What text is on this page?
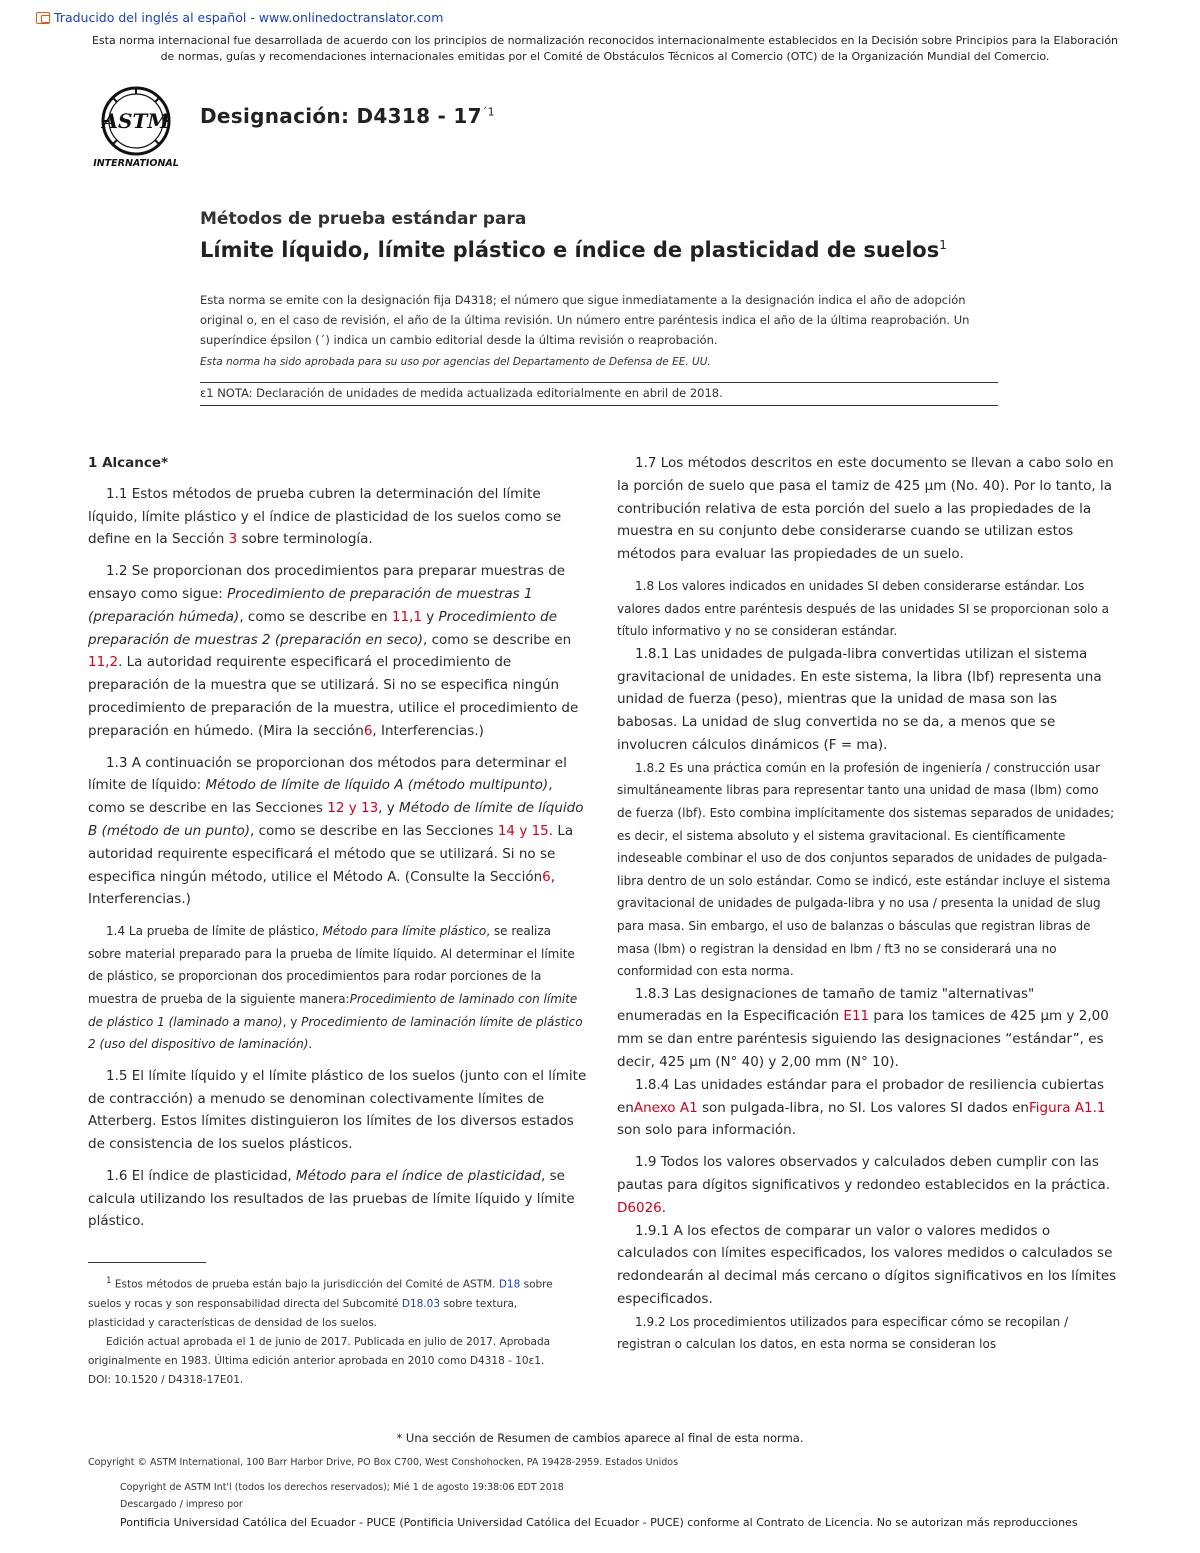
Traducido del inglés al español - www.onlinedoctranslator.com
Esta norma internacional fue desarrollada de acuerdo con los principios de normalización reconocidos internacionalmente establecidos en la Decisión sobre Principios para la Elaboración de normas, guías y recomendaciones internacionales emitidas por el Comité de Obstáculos Técnicos al Comercio (OTC) de la Organización Mundial del Comercio.
ASTM
INTERNATIONAL
Designación: $D4318 - 17^{´1}$
Métodos de prueba estándar para
Límite líquido, límite plástico e índice de plasticidad de suelos$^1$
Esta norma se emite con la designación fija D4318; el número que sigue inmediatamente a la designación indica el año de adopción original o, en el caso de revisión, el año de la última revisión. Un número entre paréntesis indica el año de la última reaprobación. Un superíndice épsilon (´) indica un cambio editorial desde la última revisión o reaprobación.
Esta norma ha sido aprobada para su uso por agencias del Departamento de Defensa de EE. UU.
ε1 NOTA: Declaración de unidades de medida actualizada editorialmente en abril de 2018.
1 Alcance*

1.1 Estos métodos de prueba cubren la determinación del límite líquido, límite plástico y el índice de plasticidad de los suelos como se define en la Sección 3 sobre terminología.

1.2 Se proporcionan dos procedimientos para preparar muestras de ensayo como sigue: Procedimiento de preparación de muestras 1 (preparación húmeda), como se describe en 11,1 y Procedimiento de preparación de muestras 2 (preparación en seco), como se describe en 11,2. La autoridad requirente especificará el procedimiento de preparación de la muestra que se utilizará. Si no se especifica ningún procedimiento de preparación de la muestra, utilice el procedimiento de preparación en húmedo. (Mira la sección6, Interferencias.)

1.3 A continuación se proporcionan dos métodos para determinar el límite de líquido: Método de límite de líquido A (método multipunto), como se describe en las Secciones 12 y 13, y Método de límite de líquido B (método de un punto), como se describe en las Secciones 14 y 15. La autoridad requirente especificará el método que se utilizará. Si no se especifica ningún método, utilice el Método A. (Consulte la Sección6, Interferencias.)

1.4 La prueba de límite de plástico, Método para límite plástico, se realiza sobre material preparado para la prueba de límite líquido. Al determinar el límite de plástico, se proporcionan dos procedimientos para rodar porciones de la muestra de prueba de la siguiente manera:Procedimiento de laminado con límite de plástico 1 (laminado a mano), y Procedimiento de laminación límite de plástico 2 (uso del dispositivo de laminación).

1.5 El límite líquido y el límite plástico de los suelos (junto con el límite de contracción) a menudo se denominan colectivamente límites de Atterberg. Estos límites distinguieron los límites de los diversos estados de consistencia de los suelos plásticos.

1.6 El índice de plasticidad, Método para el índice de plasticidad, se calcula utilizando los resultados de las pruebas de límite líquido y límite plástico.

1.7 Los métodos descritos en este documento se llevan a cabo solo en la porción de suelo que pasa el tamiz de 425 µm (No. 40). Por lo tanto, la contribución relativa de esta porción del suelo a las propiedades de la muestra en su conjunto debe considerarse cuando se utilizan estos métodos para evaluar las propiedades de un suelo.

1.8 Los valores indicados en unidades SI deben considerarse estándar. Los valores dados entre paréntesis después de las unidades SI se proporcionan solo a título informativo y no se consideran estándar.

1.8.1 Las unidades de pulgada-libra convertidas utilizan el sistema gravitacional de unidades. En este sistema, la libra (lbf) representa una unidad de fuerza (peso), mientras que la unidad de masa son las babosas. La unidad de slug convertida no se da, a menos que se involucren cálculos dinámicos (F = ma).

1.8.2 Es una práctica común en la profesión de ingeniería / construcción usar simultáneamente libras para representar tanto una unidad de masa (lbm) como de fuerza (lbf). Esto combina implícitamente dos sistemas separados de unidades; es decir, el sistema absoluto y el sistema gravitacional. Es científicamente indeseable combinar el uso de dos conjuntos separados de unidades de pulgada-libra dentro de un solo estándar. Como se indicó, este estándar incluye el sistema gravitacional de unidades de pulgada-libra y no usa / presenta la unidad de slug para masa. Sin embargo, el uso de balanzas o básculas que registran libras de masa (lbm) o registran la densidad en lbm / ft3 no se considerará una no conformidad con esta norma.

1.8.3 Las designaciones de tamaño de tamiz "alternativas" enumeradas en la Especificación E11 para los tamices de 425 µm y 2,00 mm se dan entre paréntesis siguiendo las designaciones “estándar”, es decir, 425 µm (N° 40) y 2,00 mm (N° 10).

1.8.4 Las unidades estándar para el probador de resiliencia cubiertas enAnexo A1 son pulgada-libra, no SI. Los valores SI dados enFigura A1.1 son solo para información.

1.9 Todos los valores observados y calculados deben cumplir con las pautas para dígitos significativos y redondeo establecidos en la práctica. D6026.

1.9.1 A los efectos de comparar un valor o valores medidos o calculados con límites especificados, los valores medidos o calculados se redondearán al decimal más cercano o dígitos significativos en los límites especificados.

1.9.2 Los procedimientos utilizados para especificar cómo se recopilan / registran o calculan los datos, en esta norma se consideran los

$^1$ Estos métodos de prueba están bajo la jurisdicción del Comité de ASTM. D18 sobre suelos y rocas y son responsabilidad directa del Subcomité D18.03 sobre textura, plasticidad y características de densidad de los suelos.

Edición actual aprobada el 1 de junio de 2017. Publicada en julio de 2017. Aprobada originalmente en 1983. Última edición anterior aprobada en 2010 como D4318 - 10ε1. DOI: 10.1520 / D4318-17E01.

* Una sección de Resumen de cambios aparece al final de esta norma.
Copyright © ASTM International, 100 Barr Harbor Drive, PO Box C700, West Conshohocken, PA 19428-2959. Estados Unidos
Copyright de ASTM Int'l (todos los derechos reservados); Mié 1 de agosto 19:38:06 EDT 2018
Descargado / impreso por
Pontificia Universidad Católica del Ecuador - PUCE (Pontificia Universidad Católica del Ecuador - PUCE) conforme al Contrato de Licencia. No se autorizan más reproducciones
